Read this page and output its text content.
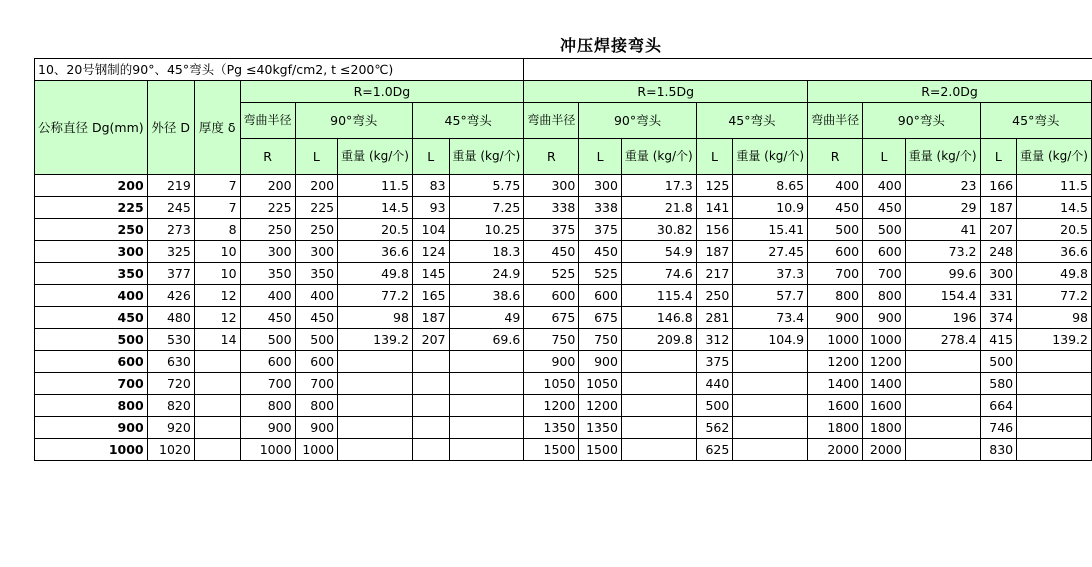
冲压焊接弯头
10、20号钢制的90°、45°弯头（Pg ≤40kgf/cm2, t ≤200℃)																	
公称直径 Dg(mm)	外径 D	厚度 δ	R=1.0Dg					R=1.5Dg					R=2.0Dg				

			弯曲半径	90°弯头		45°弯头		弯曲半径	90°弯头		45°弯头		弯曲半径	90°弯头		45°弯头	
			R	L	重量 (kg/个)	L	重量 (kg/个)	R	L	重量 (kg/个)	L	重量 (kg/个)	R	L	重量 (kg/个)	L	重量 (kg/个)

200	219	7	200	200	11.5	83	5.75	300	300	17.3	125	8.65	400	400	23	166	11.5
225	245	7	225	225	14.5	93	7.25	338	338	21.8	141	10.9	450	450	29	187	14.5
250	273	8	250	250	20.5	104	10.25	375	375	30.82	156	15.41	500	500	41	207	20.5
300	325	10	300	300	36.6	124	18.3	450	450	54.9	187	27.45	600	600	73.2	248	36.6
350	377	10	350	350	49.8	145	24.9	525	525	74.6	217	37.3	700	700	99.6	300	49.8
400	426	12	400	400	77.2	165	38.6	600	600	115.4	250	57.7	800	800	154.4	331	77.2
450	480	12	450	450	98	187	49	675	675	146.8	281	73.4	900	900	196	374	98
500	530	14	500	500	139.2	207	69.6	750	750	209.8	312	104.9	1000	1000	278.4	415	139.2
600	630		600	600				900	900		375		1200	1200		500	
700	720		700	700				1050	1050		440		1400	1400		580	
800	820		800	800				1200	1200		500		1600	1600		664	
900	920		900	900				1350	1350		562		1800	1800		746	
1000	1020		1000	1000				1500	1500		625		2000	2000		830	
